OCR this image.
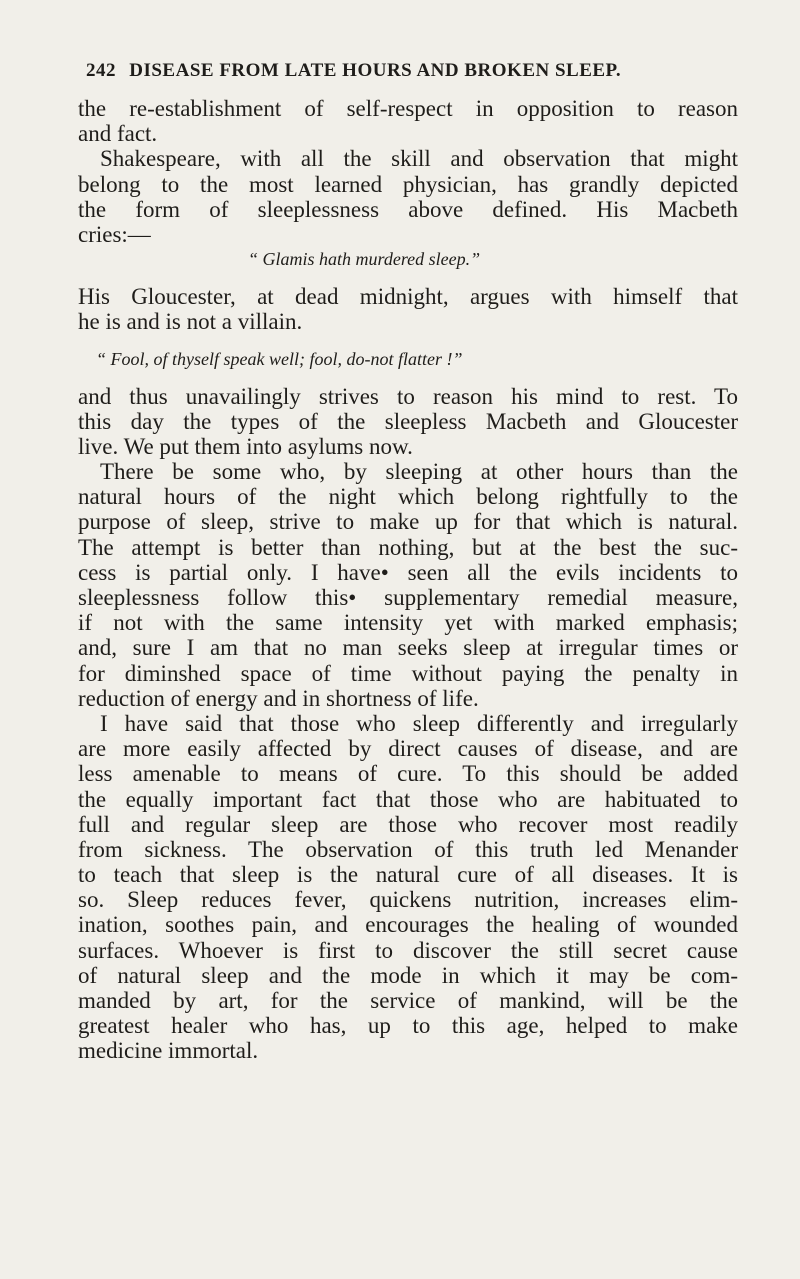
242 DISEASE FROM LATE HOURS AND BROKEN SLEEP.
the re-establishment of self-respect in opposition to reason
and fact.
Shakespeare, with all the skill and observation that might
belong to the most learned physician, has grandly depicted
the form of sleeplessness above defined. His Macbeth
cries:—
“ Glamis hath murdered sleep.”
His Gloucester, at dead midnight, argues with himself that
he is and is not a villain.
“ Fool, of thyself speak well; fool, do-not flatter !”
and thus unavailingly strives to reason his mind to rest. To
this day the types of the sleepless Macbeth and Gloucester
live. We put them into asylums now.
There be some who, by sleeping at other hours than the
natural hours of the night which belong rightfully to the
purpose of sleep, strive to make up for that which is natural.
The attempt is better than nothing, but at the best the suc-
cess is partial only. I have• seen all the evils incidents to
sleeplessness follow this• supplementary remedial measure,
if not with the same intensity yet with marked emphasis;
and, sure I am that no man seeks sleep at irregular times or
for diminshed space of time without paying the penalty in
reduction of energy and in shortness of life.
I have said that those who sleep differently and irregularly
are more easily affected by direct causes of disease, and are
less amenable to means of cure. To this should be added
the equally important fact that those who are habituated to
full and regular sleep are those who recover most readily
from sickness. The observation of this truth led Menander
to teach that sleep is the natural cure of all diseases. It is
so. Sleep reduces fever, quickens nutrition, increases elim-
ination, soothes pain, and encourages the healing of wounded
surfaces. Whoever is first to discover the still secret cause
of natural sleep and the mode in which it may be com-
manded by art, for the service of mankind, will be the
greatest healer who has, up to this age, helped to make
medicine immortal.
